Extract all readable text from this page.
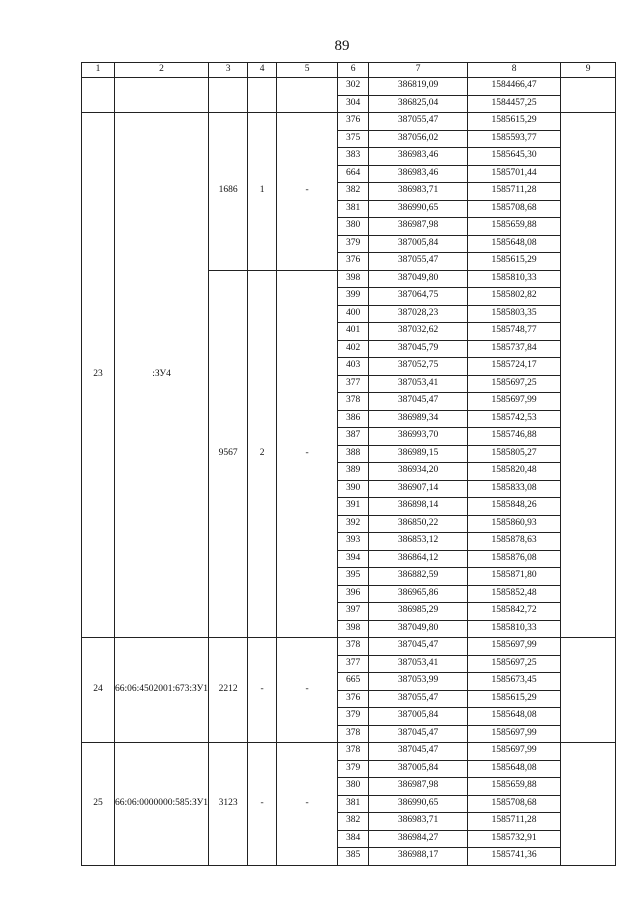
89
1	2	3	4	5	6	7	8	9
					302	386819,09	1584466,47	
					304	386825,04	1584457,25	
23	:ЗУ4	1686	1	-	376	387055,47	1585615,29	
					375	387056,02	1585593,77	
					383	386983,46	1585645,30	
					664	386983,46	1585701,44	
					382	386983,71	1585711,28	
					381	386990,65	1585708,68	
					380	386987,98	1585659,88	
					379	387005,84	1585648,08	
					376	387055,47	1585615,29	
		9567	2	-	398	387049,80	1585810,33	
					399	387064,75	1585802,82	
					400	387028,23	1585803,35	
					401	387032,62	1585748,77	
					402	387045,79	1585737,84	
					403	387052,75	1585724,17	
					377	387053,41	1585697,25	
					378	387045,47	1585697,99	
					386	386989,34	1585742,53	
					387	386993,70	1585746,88	
					388	386989,15	1585805,27	
					389	386934,20	1585820,48	
					390	386907,14	1585833,08	
					391	386898,14	1585848,26	
					392	386850,22	1585860,93	
					393	386853,12	1585878,63	
					394	386864,12	1585876,08	
					395	386882,59	1585871,80	
					396	386965,86	1585852,48	
					397	386985,29	1585842,72	
					398	387049,80	1585810,33	
24	66:06:4502001:673:ЗУ1	2212	-	-	378	387045,47	1585697,99	
					377	387053,41	1585697,25	
					665	387053,99	1585673,45	
					376	387055,47	1585615,29	
					379	387005,84	1585648,08	
					378	387045,47	1585697,99	
25	66:06:0000000:585:ЗУ1	3123	-	-	378	387045,47	1585697,99	
					379	387005,84	1585648,08	
					380	386987,98	1585659,88	
					381	386990,65	1585708,68	
					382	386983,71	1585711,28	
					384	386984,27	1585732,91	
					385	386988,17	1585741,36	
